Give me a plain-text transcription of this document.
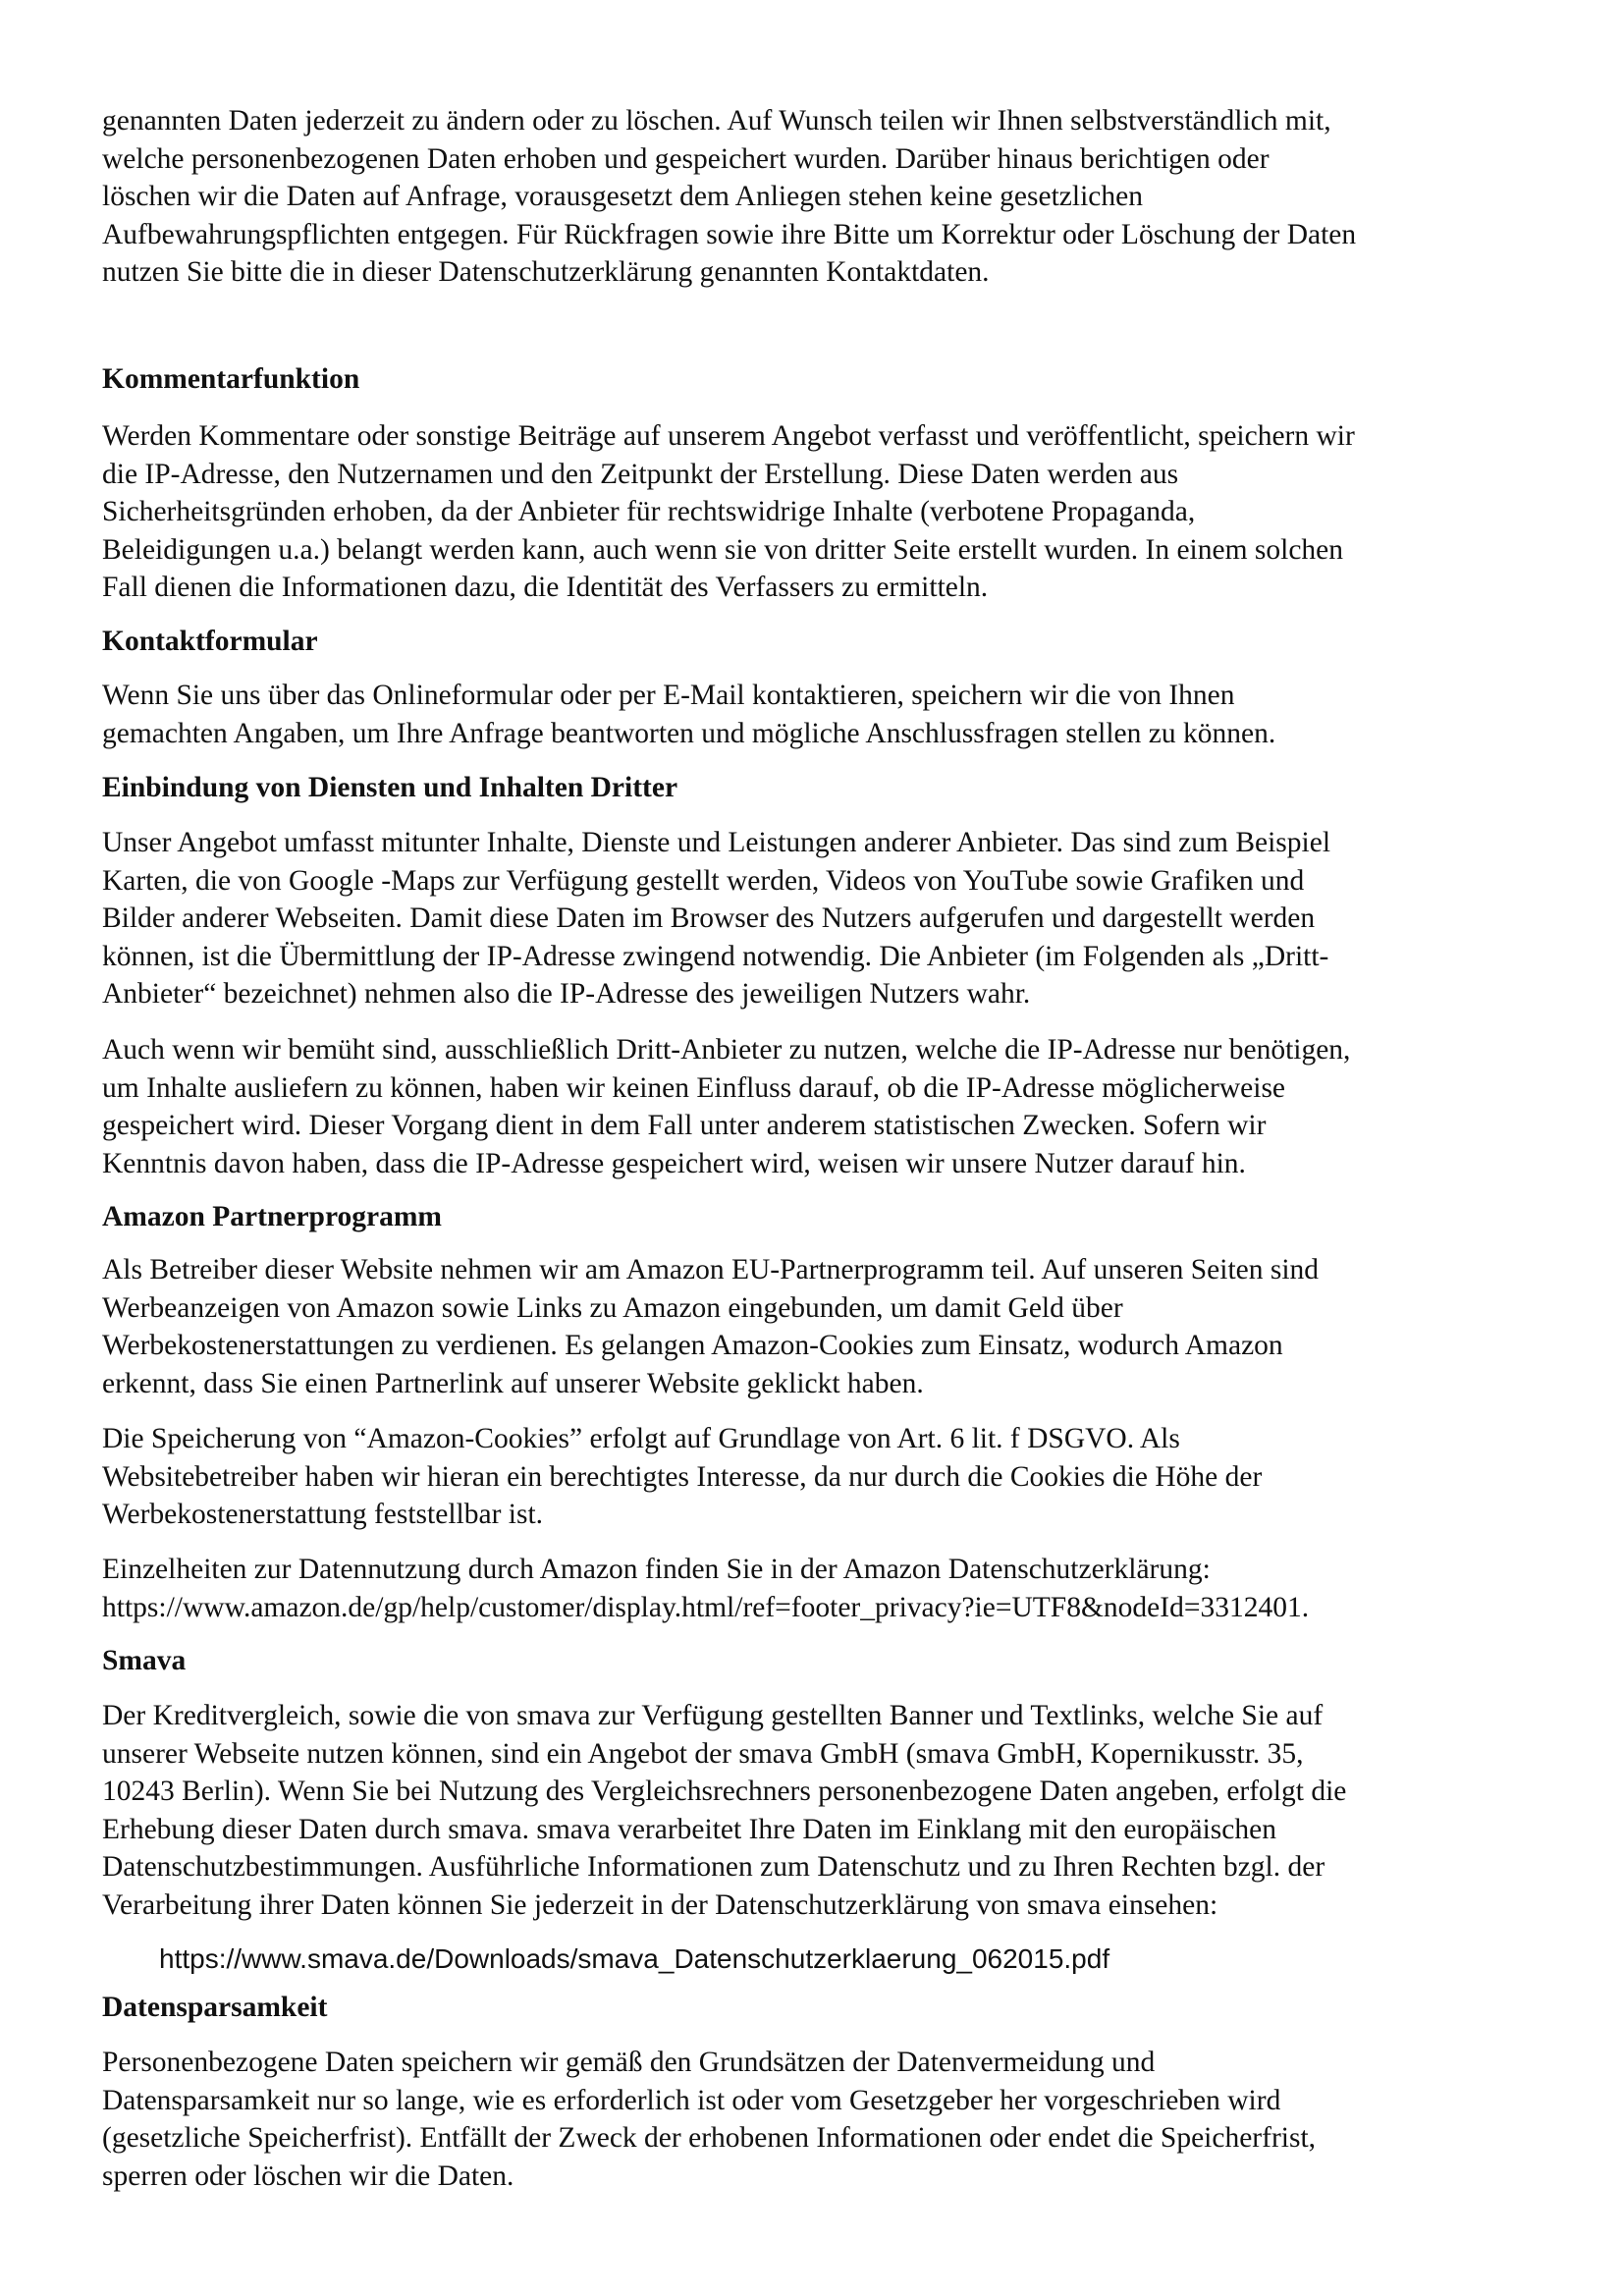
genannten Daten jederzeit zu ändern oder zu löschen. Auf Wunsch teilen wir Ihnen selbstverständlich mit,
welche personenbezogenen Daten erhoben und gespeichert wurden. Darüber hinaus berichtigen oder
löschen wir die Daten auf Anfrage, vorausgesetzt dem Anliegen stehen keine gesetzlichen
Aufbewahrungspflichten entgegen. Für Rückfragen sowie ihre Bitte um Korrektur oder Löschung der Daten
nutzen Sie bitte die in dieser Datenschutzerklärung genannten Kontaktdaten.
Kommentarfunktion
Werden Kommentare oder sonstige Beiträge auf unserem Angebot verfasst und veröffentlicht, speichern wir
die IP-Adresse, den Nutzernamen und den Zeitpunkt der Erstellung. Diese Daten werden aus
Sicherheitsgründen erhoben, da der Anbieter für rechtswidrige Inhalte (verbotene Propaganda,
Beleidigungen u.a.) belangt werden kann, auch wenn sie von dritter Seite erstellt wurden. In einem solchen
Fall dienen die Informationen dazu, die Identität des Verfassers zu ermitteln.
Kontaktformular
Wenn Sie uns über das Onlineformular oder per E-Mail kontaktieren, speichern wir die von Ihnen
gemachten Angaben, um Ihre Anfrage beantworten und mögliche Anschlussfragen stellen zu können.
Einbindung von Diensten und Inhalten Dritter
Unser Angebot umfasst mitunter Inhalte, Dienste und Leistungen anderer Anbieter. Das sind zum Beispiel
Karten, die von Google -Maps zur Verfügung gestellt werden, Videos von YouTube sowie Grafiken und
Bilder anderer Webseiten. Damit diese Daten im Browser des Nutzers aufgerufen und dargestellt werden
können, ist die Übermittlung der IP-Adresse zwingend notwendig. Die Anbieter (im Folgenden als „Dritt-
Anbieter“ bezeichnet) nehmen also die IP-Adresse des jeweiligen Nutzers wahr.
Auch wenn wir bemüht sind, ausschließlich Dritt-Anbieter zu nutzen, welche die IP-Adresse nur benötigen,
um Inhalte ausliefern zu können, haben wir keinen Einfluss darauf, ob die IP-Adresse möglicherweise
gespeichert wird. Dieser Vorgang dient in dem Fall unter anderem statistischen Zwecken. Sofern wir
Kenntnis davon haben, dass die IP-Adresse gespeichert wird, weisen wir unsere Nutzer darauf hin.
Amazon Partnerprogramm
Als Betreiber dieser Website nehmen wir am Amazon EU-Partnerprogramm teil. Auf unseren Seiten sind
Werbeanzeigen von Amazon sowie Links zu Amazon eingebunden, um damit Geld über
Werbekostenerstattungen zu verdienen. Es gelangen Amazon-Cookies zum Einsatz, wodurch Amazon
erkennt, dass Sie einen Partnerlink auf unserer Website geklickt haben.
Die Speicherung von “Amazon-Cookies” erfolgt auf Grundlage von Art. 6 lit. f DSGVO. Als
Websitebetreiber haben wir hieran ein berechtigtes Interesse, da nur durch die Cookies die Höhe der
Werbekostenerstattung feststellbar ist.
Einzelheiten zur Datennutzung durch Amazon finden Sie in der Amazon Datenschutzerklärung:
https://www.amazon.de/gp/help/customer/display.html/ref=footer_privacy?ie=UTF8&nodeId=3312401.
Smava
Der Kreditvergleich, sowie die von smava zur Verfügung gestellten Banner und Textlinks, welche Sie auf
unserer Webseite nutzen können, sind ein Angebot der smava GmbH (smava GmbH, Kopernikusstr. 35,
10243 Berlin). Wenn Sie bei Nutzung des Vergleichsrechners personenbezogene Daten angeben, erfolgt die
Erhebung dieser Daten durch smava. smava verarbeitet Ihre Daten im Einklang mit den europäischen
Datenschutzbestimmungen. Ausführliche Informationen zum Datenschutz und zu Ihren Rechten bzgl. der
Verarbeitung ihrer Daten können Sie jederzeit in der Datenschutzerklärung von smava einsehen:
https://www.smava.de/Downloads/smava_Datenschutzerklaerung_062015.pdf
Datensparsamkeit
Personenbezogene Daten speichern wir gemäß den Grundsätzen der Datenvermeidung und
Datensparsamkeit nur so lange, wie es erforderlich ist oder vom Gesetzgeber her vorgeschrieben wird
(gesetzliche Speicherfrist). Entfällt der Zweck der erhobenen Informationen oder endet die Speicherfrist,
sperren oder löschen wir die Daten.
